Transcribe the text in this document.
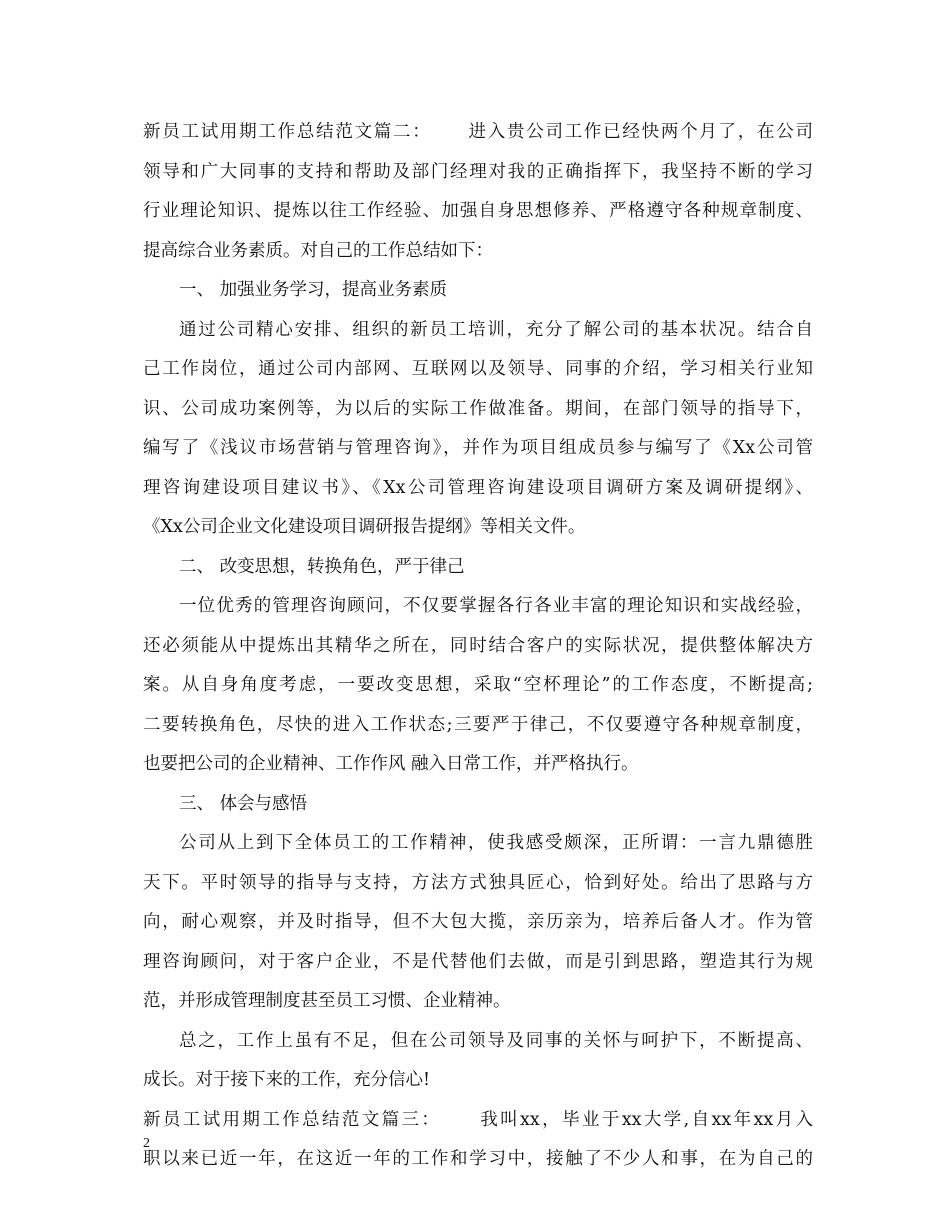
新员工试用期工作总结范文篇二：　　 进入贵公司工作已经快两个月了，在公司
领导和广大同事的支持和帮助及部门经理对我的正确指挥下，我坚持不断的学习
行业理论知识、提炼以往工作经验、加强自身思想修养、严格遵守各种规章制度、
提高综合业务素质。对自己的工作总结如下：
一、 加强业务学习，提高业务素质
通过公司精心安排、组织的新员工培训，充分了解公司的基本状况。结合自
己工作岗位，通过公司内部网、互联网以及领导、同事的介绍，学习相关行业知
识、公司成功案例等，为以后的实际工作做准备。期间，在部门领导的指导下，
编写了《浅议市场营销与管理咨询》，并作为项目组成员参与编写了《Xx公司管
理咨询建设项目建议书》、《Xx公司管理咨询建设项目调研方案及调研提纲》、
《Xx公司企业文化建设项目调研报告提纲》等相关文件。
二、 改变思想，转换角色，严于律己
一位优秀的管理咨询顾问，不仅要掌握各行各业丰富的理论知识和实战经验，
还必须能从中提炼出其精华之所在，同时结合客户的实际状况，提供整体解决方
案。从自身角度考虑，一要改变思想，采取“空杯理论”的工作态度，不断提高;
二要转换角色，尽快的进入工作状态;三要严于律己，不仅要遵守各种规章制度，
也要把公司的企业精神、工作作风 融入日常工作，并严格执行。
三、 体会与感悟
公司从上到下全体员工的工作精神，使我感受颇深，正所谓：一言九鼎德胜
天下。平时领导的指导与支持，方法方式独具匠心，恰到好处。给出了思路与方
向，耐心观察，并及时指导，但不大包大揽，亲历亲为，培养后备人才。作为管
理咨询顾问，对于客户企业，不是代替他们去做，而是引到思路，塑造其行为规
范，并形成管理制度甚至员工习惯、企业精神。
总之，工作上虽有不足，但在公司领导及同事的关怀与呵护下，不断提高、
成长。对于接下来的工作，充分信心!
新员工试用期工作总结范文篇三：　　 我叫xx，毕业于xx大学,自xx年xx月入
职以来已近一年，在这近一年的工作和学习中，接触了不少人和事，在为自己的
2
